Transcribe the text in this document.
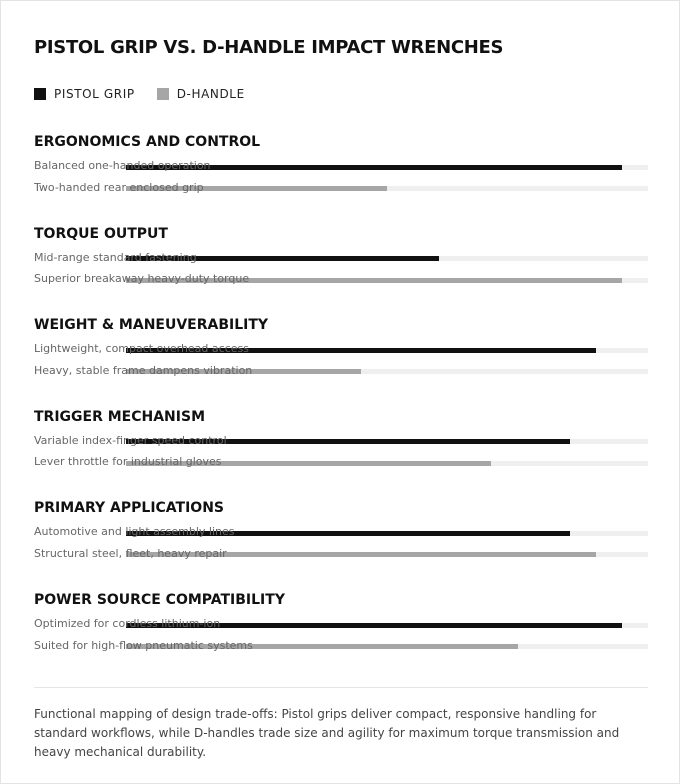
PISTOL GRIP VS. D-HANDLE IMPACT WRENCHES
PISTOL GRIP	D-HANDLE
ERGONOMICS AND CONTROL
Balanced one-handed operation
Two-handed rear enclosed grip
TORQUE OUTPUT
Mid-range standard fastening
Superior breakaway heavy-duty torque
WEIGHT & MANEUVERABILITY
Lightweight, compact overhead access
Heavy, stable frame dampens vibration
TRIGGER MECHANISM
Variable index-finger speed control
Lever throttle for industrial gloves
PRIMARY APPLICATIONS
Automotive and light assembly lines
Structural steel, fleet, heavy repair
POWER SOURCE COMPATIBILITY
Optimized for cordless lithium-ion
Suited for high-flow pneumatic systems
Functional mapping of design trade-offs: Pistol grips deliver compact, responsive handling for standard workflows, while D-handles trade size and agility for maximum torque transmission and heavy mechanical durability.
